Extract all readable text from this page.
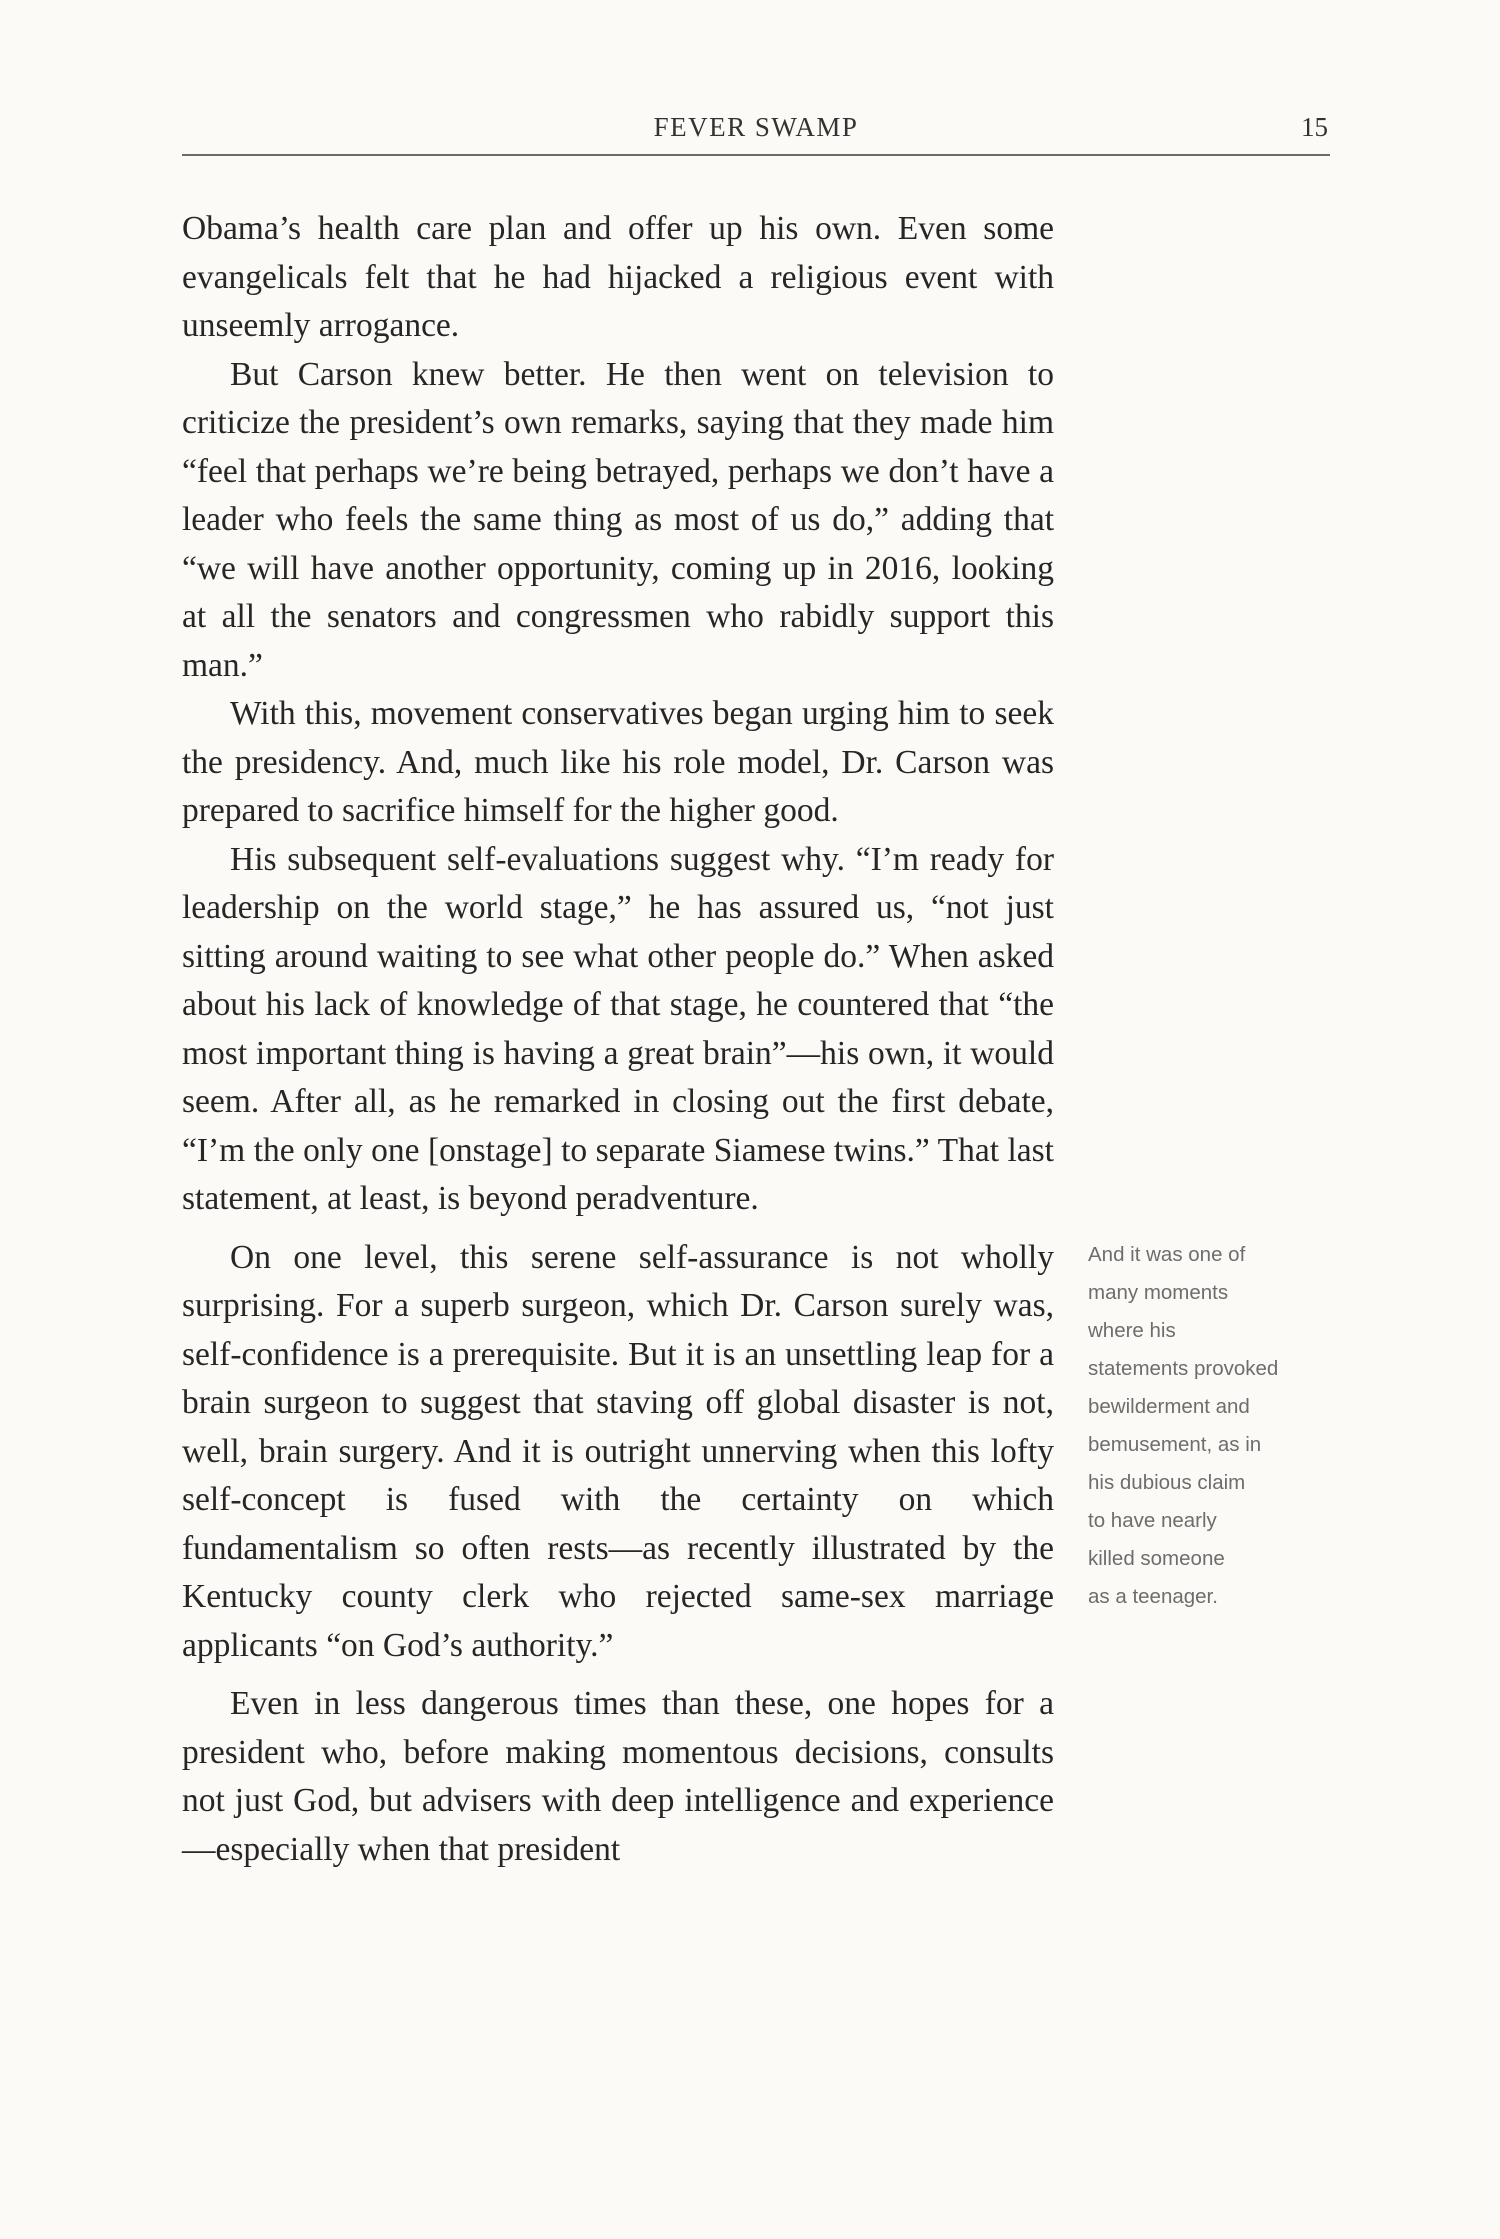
FEVER SWAMP	15

Obama’s health care plan and offer up his own. Even some evangelicals felt that he had hijacked a religious event with unseemly arrogance.

But Carson knew better. He then went on television to criticize the president’s own remarks, saying that they made him “feel that perhaps we’re being betrayed, perhaps we don’t have a leader who feels the same thing as most of us do,” adding that “we will have another opportunity, coming up in 2016, looking at all the senators and congressmen who rabidly support this man.”

With this, movement conservatives began urging him to seek the presidency. And, much like his role model, Dr. Carson was prepared to sacrifice himself for the higher good.

His subsequent self-evaluations suggest why. “I’m ready for leadership on the world stage,” he has assured us, “not just sitting around waiting to see what other people do.” When asked about his lack of knowledge of that stage, he countered that “the most important thing is having a great brain”—his own, it would seem. After all, as he remarked in closing out the first debate, “I’m the only one [onstage] to separate Siamese twins.” That last statement, at least, is beyond peradventure.

On one level, this serene self-assurance is not wholly surprising. For a superb surgeon, which Dr. Carson surely was, self-confidence is a prerequisite. But it is an unsettling leap for a brain surgeon to suggest that staving off global disaster is not, well, brain surgery. And it is outright unnerving when this lofty self-concept is fused with the certainty on which fundamentalism so often rests—as recently illustrated by the Kentucky county clerk who rejected same-sex marriage applicants “on God’s authority.”

Even in less dangerous times than these, one hopes for a president who, before making momentous decisions, consults not just God, but advisers with deep intelligence and experience—especially when that president

And it was one of
many moments
where his
statements provoked
bewilderment and
bemusement, as in
his dubious claim
to have nearly
killed someone
as a teenager.
